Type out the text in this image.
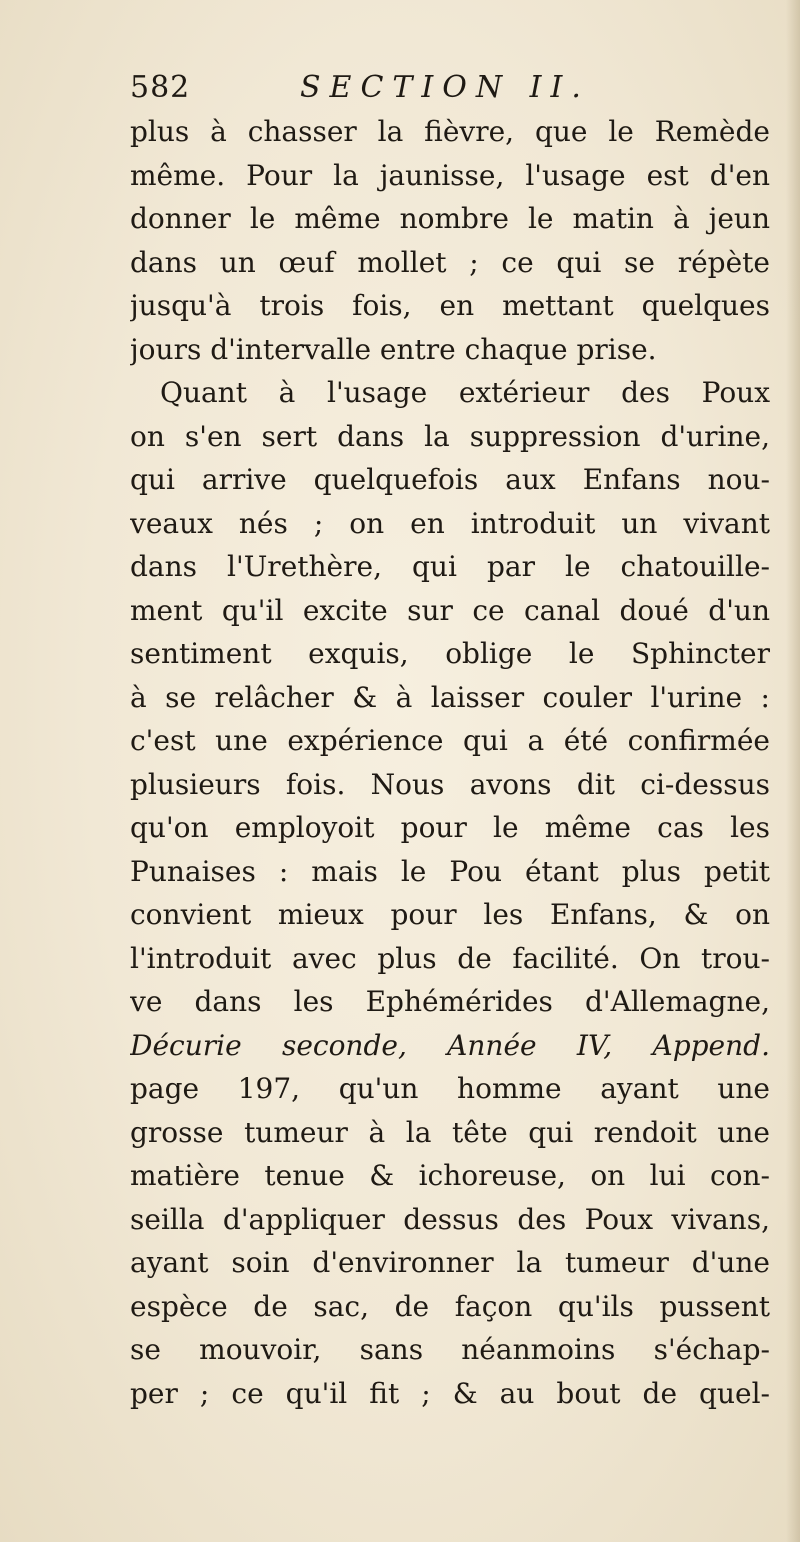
582	SECTION II.
plus à chasser la fièvre, que le Remède
même. Pour la jaunisse, l'usage est d'en
donner le même nombre le matin à jeun
dans un œuf mollet ; ce qui se répète
jusqu'à trois fois, en mettant quelques
jours d'intervalle entre chaque prise.
Quant à l'usage extérieur des Poux
on s'en sert dans la suppression d'urine,
qui arrive quelquefois aux Enfans nou-
veaux nés ; on en introduit un vivant
dans l'Urethère, qui par le chatouille-
ment qu'il excite sur ce canal doué d'un
sentiment exquis, oblige le Sphincter
à se relâcher & à laisser couler l'urine :
c'est une expérience qui a été confirmée
plusieurs fois. Nous avons dit ci-dessus
qu'on employoit pour le même cas les
Punaises : mais le Pou étant plus petit
convient mieux pour les Enfans, & on
l'introduit avec plus de facilité. On trou-
ve dans les Ephémérides d'Allemagne,
Décurie seconde, Année IV, Append.
page 197, qu'un homme ayant une
grosse tumeur à la tête qui rendoit une
matière tenue & ichoreuse, on lui con-
seilla d'appliquer dessus des Poux vivans,
ayant soin d'environner la tumeur d'une
espèce de sac, de façon qu'ils pussent
se mouvoir, sans néanmoins s'échap-
per ; ce qu'il fit ; & au bout de quel-
